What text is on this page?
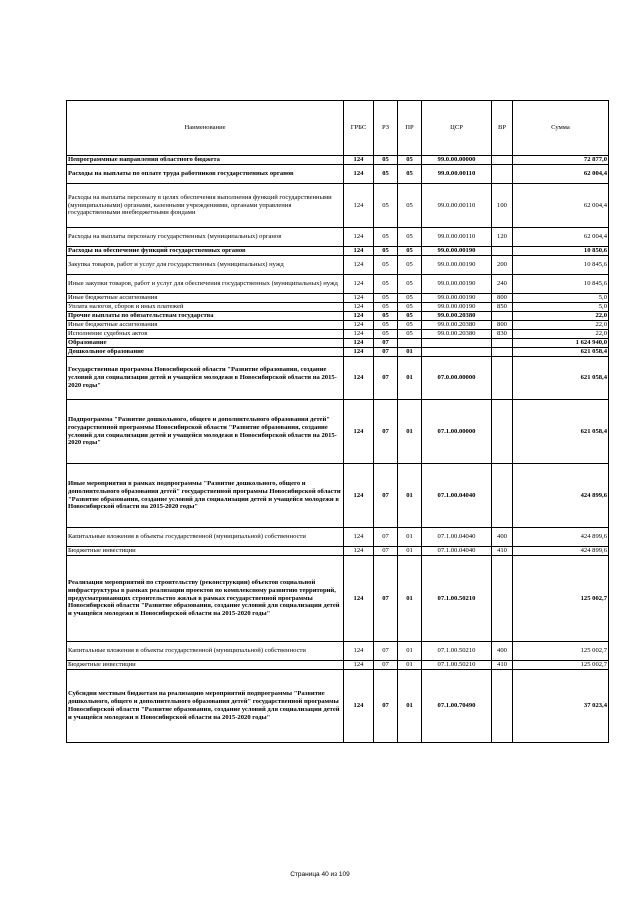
Наименование	ГРБС	РЗ	ПР	ЦСР	ВР	Сумма
Непрограммные направления областного бюджета	124	05	05	99.0.00.00000		72 877,0
Расходы на выплаты по оплате труда работников государственных органов	124	05	05	99.0.00.00110		62 004,4
Расходы на выплаты персоналу в целях обеспечения выполнения функций государственными (муниципальными) органами, казенными учреждениями, органами управления государственными внебюджетными фондами	124	05	05	99.0.00.00110	100	62 004,4
Расходы на выплаты персоналу государственных (муниципальных) органов	124	05	05	99.0.00.00110	120	62 004,4
Расходы на обеспечение функций государственных органов	124	05	05	99.0.00.00190		10 850,6
Закупка товаров, работ и услуг для государственных (муниципальных) нужд	124	05	05	99.0.00.00190	200	10 845,6
Иные закупки товаров, работ и услуг для обеспечения государственных (муниципальных) нужд	124	05	05	99.0.00.00190	240	10 845,6
Иные бюджетные ассигнования	124	05	05	99.0.00.00190	800	5,0
Уплата налогов, сборов и иных платежей	124	05	05	99.0.00.00190	850	5,0
Прочие выплаты по обязательствам государства	124	05	05	99.0.00.20380		22,0
Иные бюджетные ассигнования	124	05	05	99.0.00.20380	800	22,0
Исполнение судебных актов	124	05	05	99.0.00.20380	830	22,0
Образование	124	07				1 624 940,0
Дошкольное образование	124	07	01			621 058,4
Государственная программа Новосибирской области "Развитие образования, создание условий для социализации детей и учащейся молодежи в Новосибирской области на 2015-2020 годы"	124	07	01	07.0.00.00000		621 058,4
Подпрограмма "Развитие дошкольного, общего и дополнительного образования детей" государственной программы Новосибирской области "Развитие образования, создание условий для социализации детей и учащейся молодежи в Новосибирской области на 2015-2020 годы"	124	07	01	07.1.00.00000		621 058,4
Иные мероприятия в рамках подпрограммы "Развитие дошкольного, общего и дополнительного образования детей" государственной программы Новосибирской области "Развитие образования, создание условий для социализации детей и учащейся молодежи в Новосибирской области на 2015-2020 годы"	124	07	01	07.1.00.04040		424 899,6
Капитальные вложения в объекты государственной (муниципальной) собственности	124	07	01	07.1.00.04040	400	424 899,6
Бюджетные инвестиции	124	07	01	07.1.00.04040	410	424 899,6
Реализация мероприятий по строительству (реконструкции) объектов социальной инфраструктуры в рамках реализации проектов по комплексному развитию территорий, предусматривающих строительство жилья в рамках государственной программы Новосибирской области "Развитие образования, создание условий для социализации детей и учащейся молодежи в Новосибирской области на 2015-2020 годы"	124	07	01	07.1.00.50210		125 002,7
Капитальные вложения в объекты государственной (муниципальной) собственности	124	07	01	07.1.00.50210	400	125 002,7
Бюджетные инвестиции	124	07	01	07.1.00.50210	410	125 002,7
Субсидии местным бюджетам на реализацию мероприятий подпрограммы "Развитие дошкольного, общего и дополнительного образования детей" государственной программы Новосибирской области "Развитие образования, создание условий для социализации детей и учащейся молодежи в Новосибирской области на 2015-2020 годы"	124	07	01	07.1.00.70490		37 023,4
Страница 40 из 109
